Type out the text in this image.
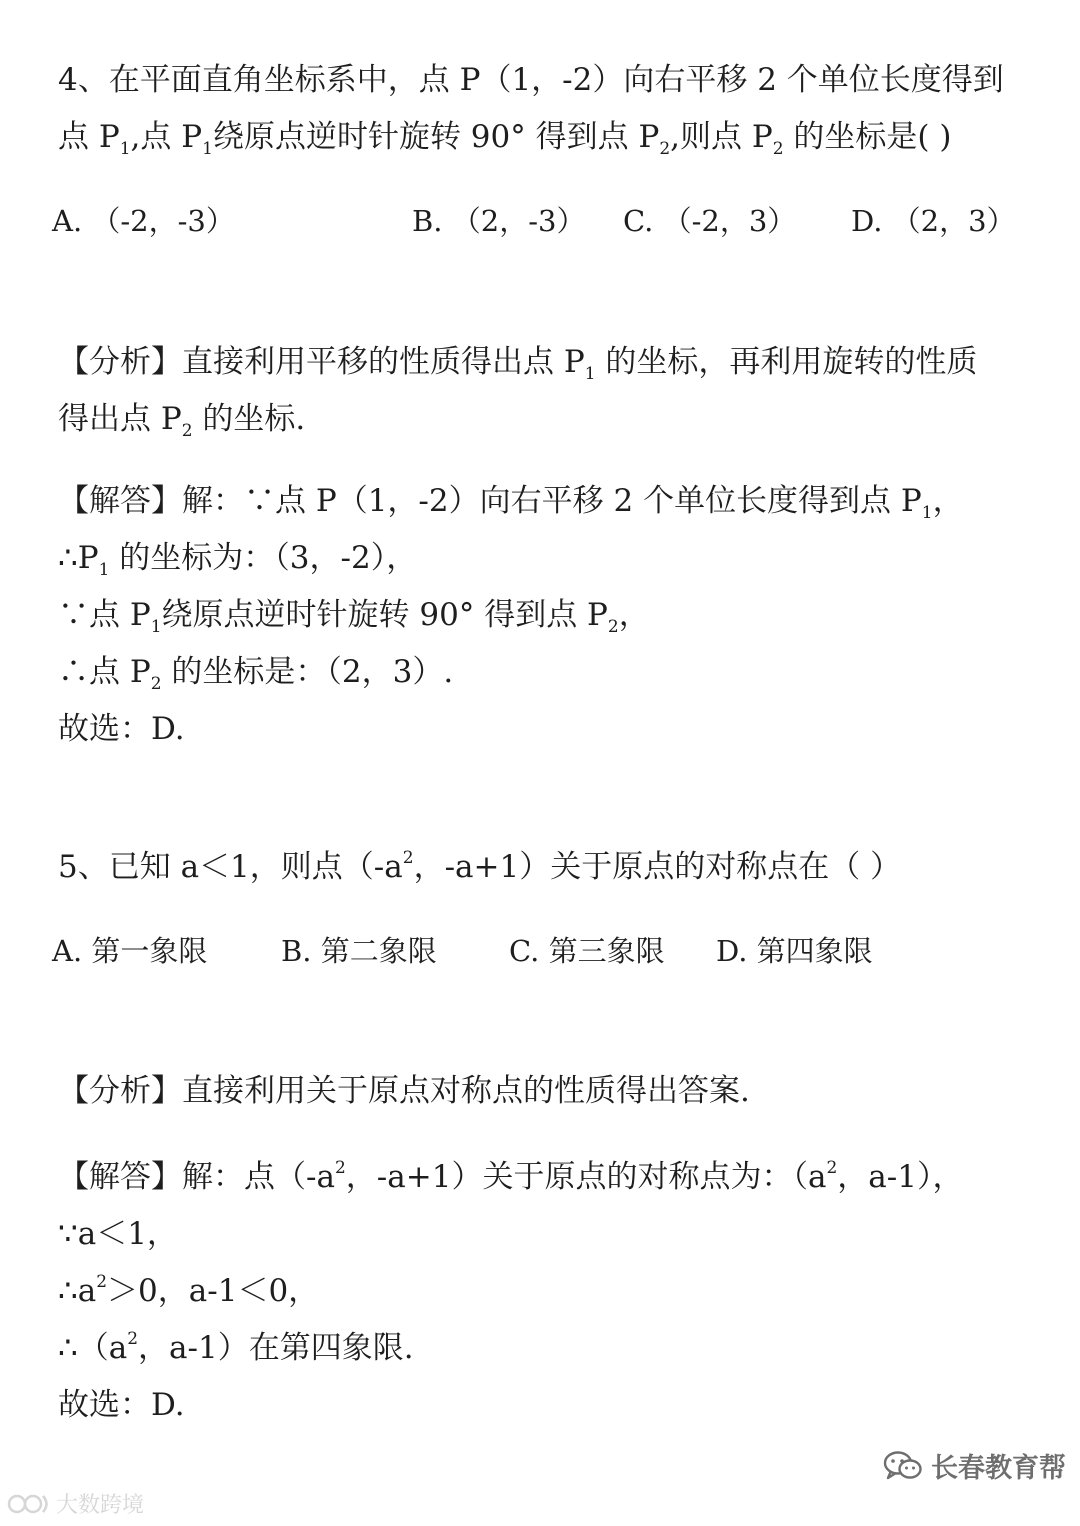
4、在平面直角坐标系中，点 P（1，-2）向右平移 2 个单位长度得到
点 $P_1$,点 $P_1$绕原点逆时针旋转 90° 得到点 $P_2$,则点 $P_2$ 的坐标是( )
A. （-2，-3）	B. （2，-3） C. （-2，3） D. （2，3）
【分析】直接利用平移的性质得出点 $P_1$ 的坐标，再利用旋转的性质
得出点 $P_2$ 的坐标.
【解答】解：∵点 P（1，-2）向右平移 2 个单位长度得到点 $P_1$，
$\therefore P_1$ 的坐标为：（3，-2），
∵点 $P_1$绕原点逆时针旋转 90° 得到点 $P_2$，
∴点 $P_2$ 的坐标是：（2，3）.
故选：D.
5、已知 a＜1，则点（$-a^2$，-a+1）关于原点的对称点在（ ）
A. 第一象限	B. 第二象限 C. 第三象限 D. 第四象限
【分析】直接利用关于原点对称点的性质得出答案.
【解答】解：点（$-a^2$，-a+1）关于原点的对称点为：（$a^2$，a-1），
∵a＜1，
$\therefore a^2>0$，a-1＜0，
$\therefore(a^2$，a-1）在第四象限.
故选：D.
长春教育帮
大数跨境
